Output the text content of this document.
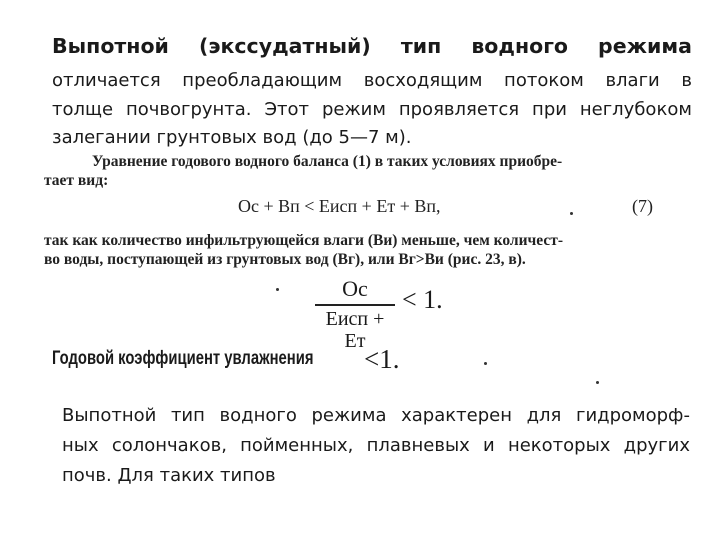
Выпотной (экссудатный) тип водного режима
отличается преобладающим восходящим потоком влаги в
толще почвогрунта. Этот режим проявляется при неглубоком
залегании грунтовых вод (до 5—7 м).
Уравнение годового водного баланса (1) в таких условиях приобре-
тает вид:
Oc + Вп < Еисп + Ет + Вп,	(7)
так как количество инфильтрующейся влаги (Ви) меньше, чем количест-
во воды, поступающей из грунтовых вод (Вг), или Вг>Ви (рис. 23, в).
Oc
Еисп + Ет
< 1.
Годовой коэффициент увлажнения <1.
Выпотной тип водного режима характерен для гидроморф-
ных солончаков, пойменных, плавневых и некоторых других
почв. Для таких типов
